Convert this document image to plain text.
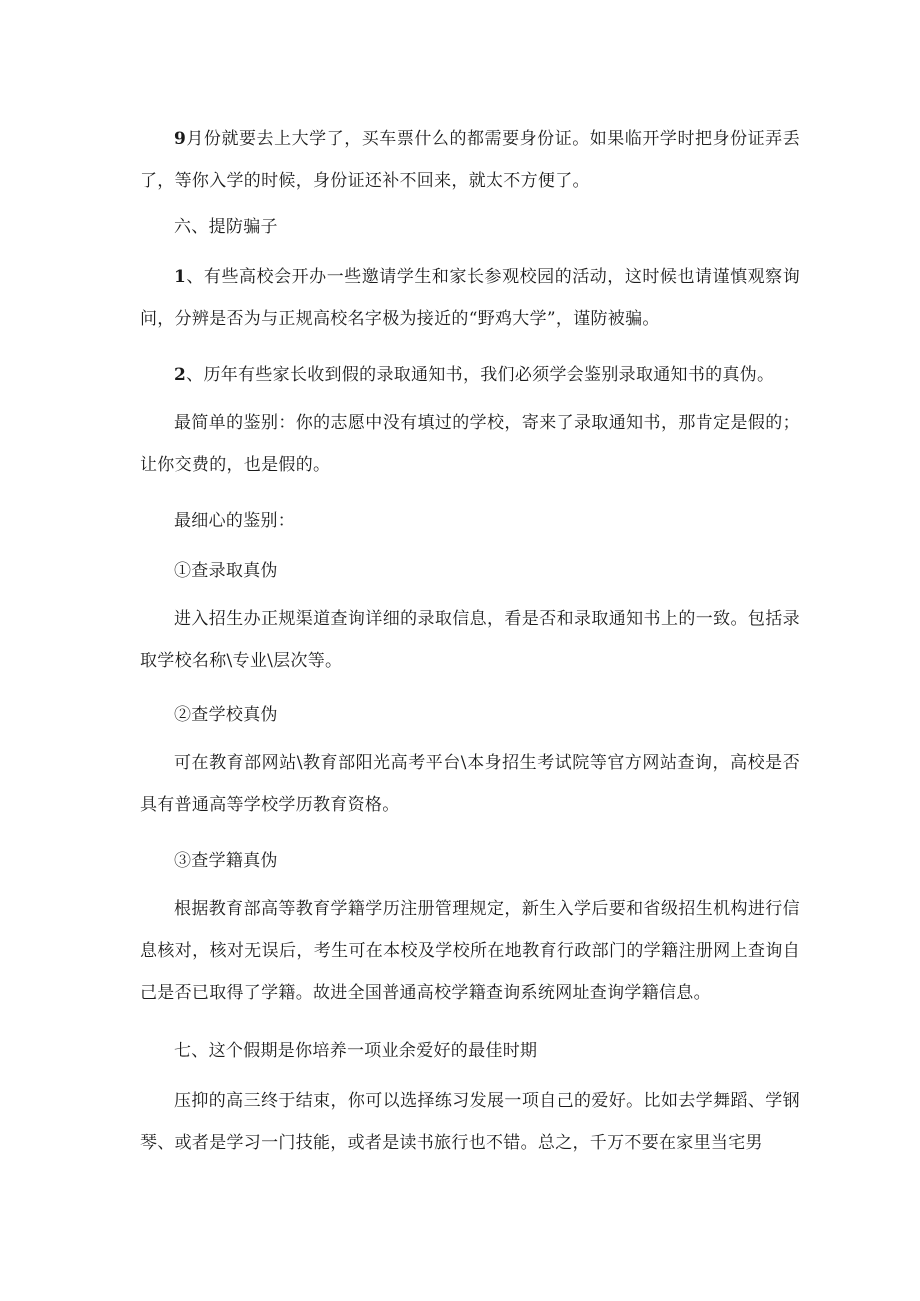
9月份就要去上大学了，买车票什么的都需要身份证。如果临开学时把身份证弄丢了，等你入学的时候，身份证还补不回来，就太不方便了。

六、提防骗子

1、有些高校会开办一些邀请学生和家长参观校园的活动，这时候也请谨慎观察询问，分辨是否为与正规高校名字极为接近的“野鸡大学”，谨防被骗。

2、历年有些家长收到假的录取通知书，我们必须学会鉴别录取通知书的真伪。

最简单的鉴别：你的志愿中没有填过的学校，寄来了录取通知书，那肯定是假的；让你交费的，也是假的。

最细心的鉴别：

①查录取真伪

进入招生办正规渠道查询详细的录取信息，看是否和录取通知书上的一致。包括录取学校名称\专业\层次等。

②查学校真伪

可在教育部网站\教育部阳光高考平台\本身招生考试院等官方网站查询，高校是否具有普通高等学校学历教育资格。

③查学籍真伪

根据教育部高等教育学籍学历注册管理规定，新生入学后要和省级招生机构进行信息核对，核对无误后，考生可在本校及学校所在地教育行政部门的学籍注册网上查询自己是否已取得了学籍。故进全国普通高校学籍查询系统网址查询学籍信息。

七、这个假期是你培养一项业余爱好的最佳时期

压抑的高三终于结束，你可以选择练习发展一项自己的爱好。比如去学舞蹈、学钢琴、或者是学习一门技能，或者是读书旅行也不错。总之，千万不要在家里当宅男
